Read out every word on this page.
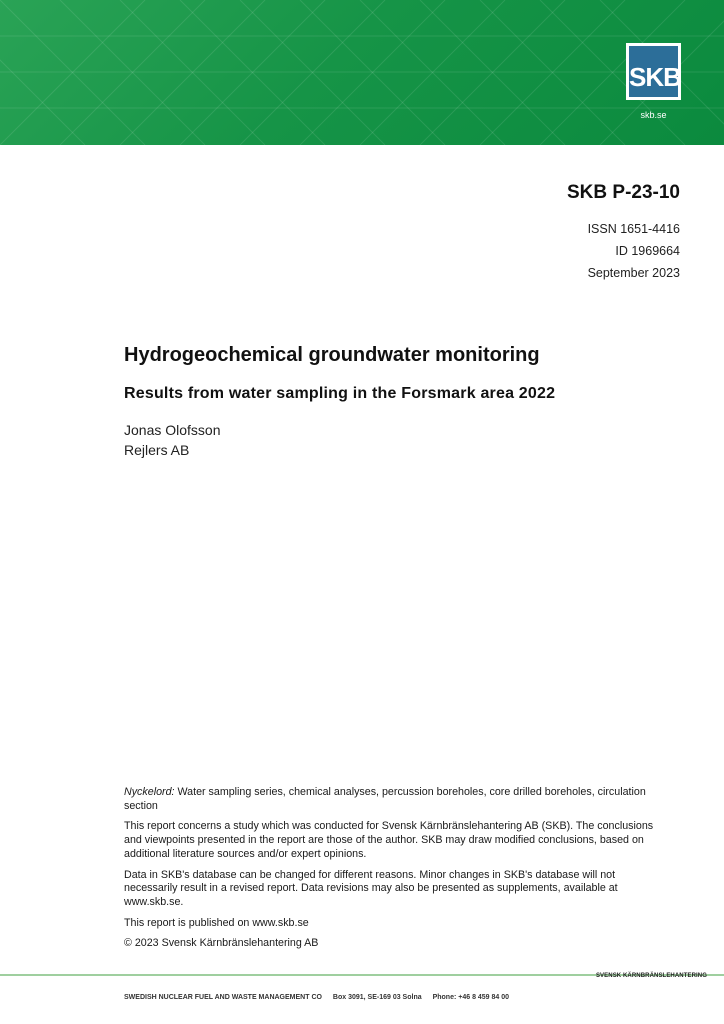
SKB
skb.se
SKB P-23-10
ISSN 1651-4416
ID 1969664
September 2023
Hydrogeochemical groundwater monitoring
Results from water sampling in the Forsmark area 2022
Jonas Olofsson
Rejlers AB

Nyckelord: Water sampling series, chemical analyses, percussion boreholes, core drilled boreholes, circulation section

This report concerns a study which was conducted for Svensk Kärnbränslehantering AB (SKB). The conclusions and viewpoints presented in the report are those of the author. SKB may draw modified conclusions, based on additional literature sources and/or expert opinions.

Data in SKB's database can be changed for different reasons. Minor changes in SKB's database will not necessarily result in a revised report. Data revisions may also be presented as supplements, available at www.skb.se.

This report is published on www.skb.se

© 2023 Svensk Kärnbränslehantering AB

SVENSK KÄRNBRÄNSLEHANTERING
SWEDISH NUCLEAR FUEL AND WASTE MANAGEMENT CO Box 3091, SE-169 03 Solna Phone: +46 8 459 84 00
